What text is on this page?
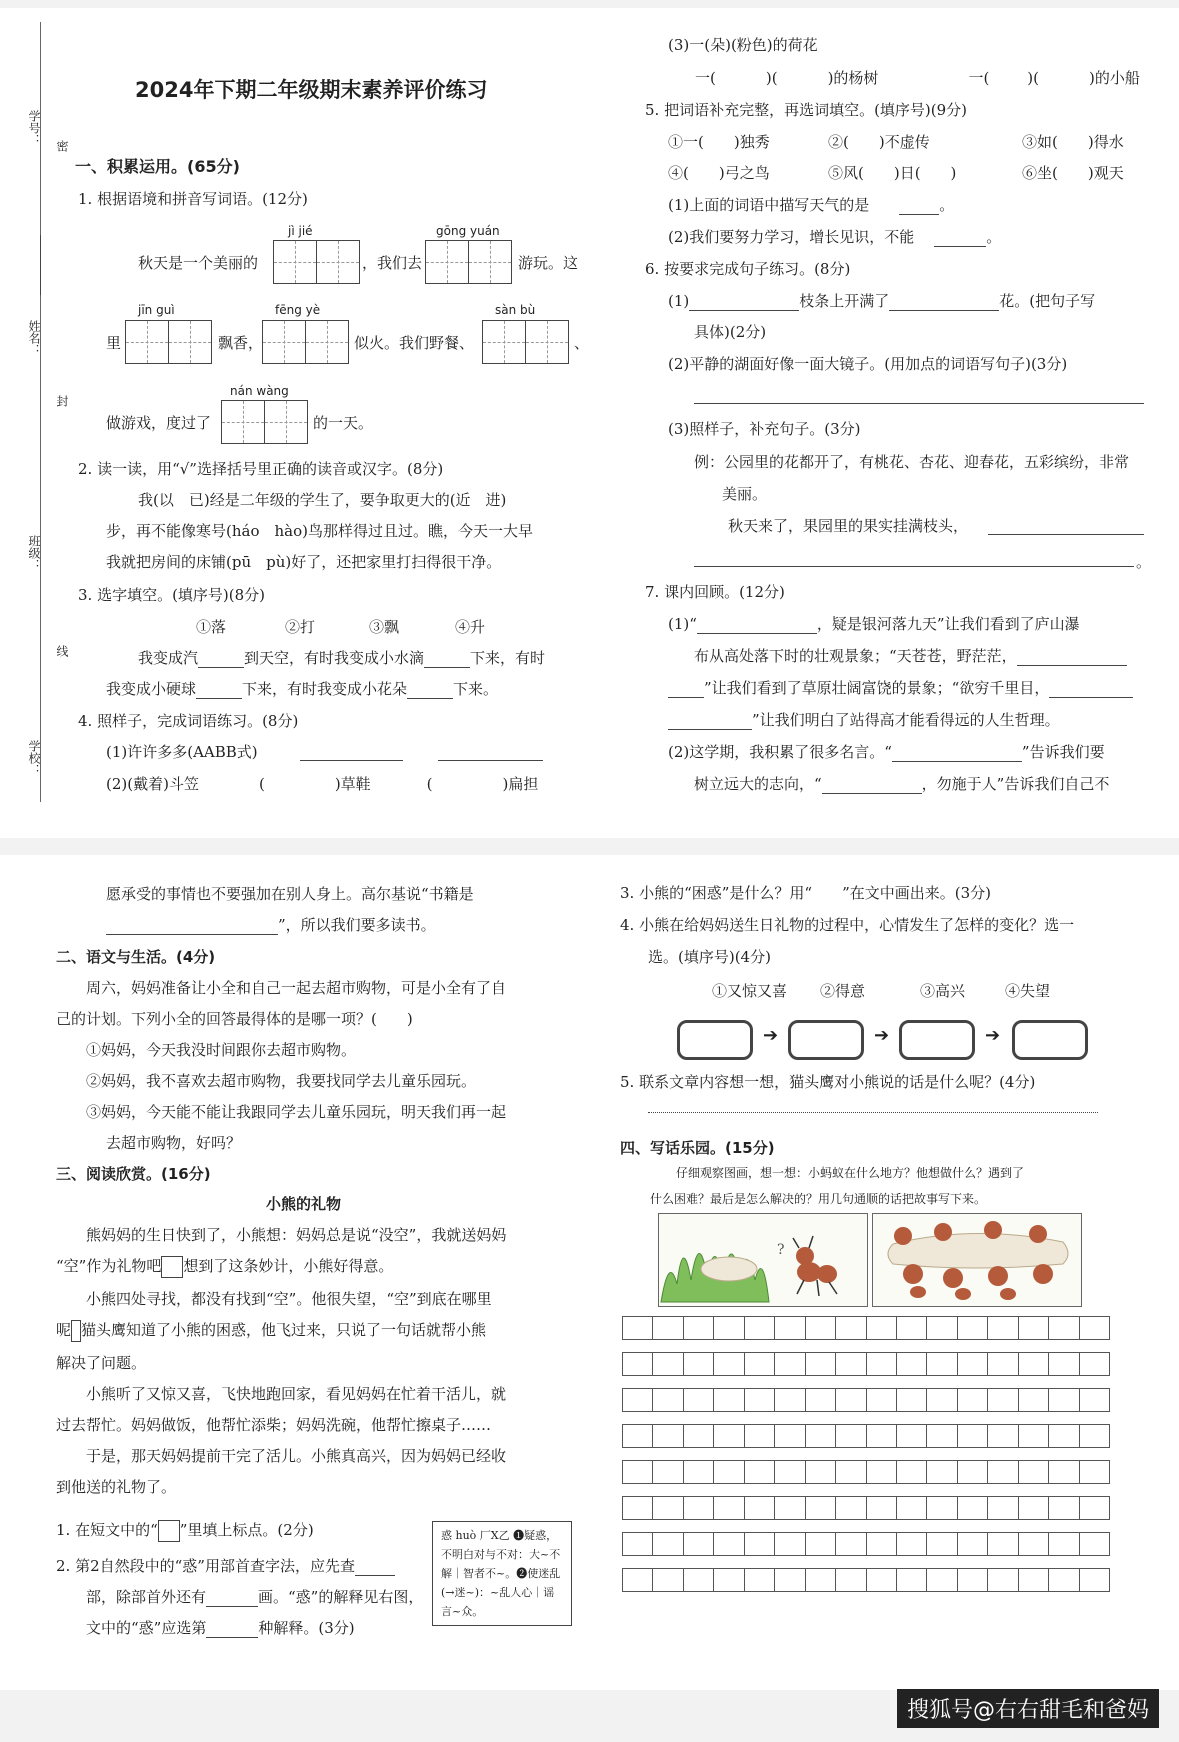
学号：
姓名：
封
密
班级：
线
学校：
2024年下期二年级期末素养评价练习
一、积累运用。(65分)
1. 根据语境和拼音写词语。(12分)
jì jié	gōng yuán
秋天是一个美丽的	，我们去	游玩。这
jīn guì	fēng yè	sàn bù
里	飘香，	似火。我们野餐、	、
nán wàng
做游戏，度过了	的一天。
2. 读一读，用“√”选择括号里正确的读音或汉字。(8分)
我(以　已)经是二年级的学生了，要争取更大的(近　进)
步，再不能像寒号(háo　hào)鸟那样得过且过。瞧，今天一大早
我就把房间的床铺(pū　pù)好了，还把家里打扫得很干净。
3. 选字填空。(填序号)(8分)
①落	②打	③飘	④升
我变成汽	到天空，有时我变成小水滴	下来，有时
我变成小硬球	下来，有时我变成小花朵	下来。
4. 照样子，完成词语练习。(8分)
(1)许许多多(AABB式)
(2)(戴着)斗笠	(	)草鞋	(	)扁担
(3)一(朵)(粉色)的荷花
一(	)(	)的杨树	一(	)(	)的小船
5. 把词语补充完整，再选词填空。(填序号)(9分)
①一(　　)独秀	②(　　)不虚传	③如(　　)得水
④(　　)弓之鸟	⑤风(　　)日(　　)	⑥坐(　　)观天
(1)上面的词语中描写天气的是	。
(2)我们要努力学习，增长见识，不能	。
6. 按要求完成句子练习。(8分)
(1)	枝条上开满了	花。(把句子写
具体)(2分)
(2)平静的湖面好像一面大镜子。(用加点的词语写句子)(3分)
(3)照样子，补充句子。(3分)
例：公园里的花都开了，有桃花、杏花、迎春花，五彩缤纷，非常
美丽。
秋天来了，果园里的果实挂满枝头，
。
7. 课内回顾。(12分)
(1)“	，疑是银河落九天”让我们看到了庐山瀑
布从高处落下时的壮观景象；“天苍苍，野茫茫，
”让我们看到了草原壮阔富饶的景象；“欲穷千里目，
”让我们明白了站得高才能看得远的人生哲理。
(2)这学期，我积累了很多名言。“	”告诉我们要
树立远大的志向，“	，勿施于人”告诉我们自己不
愿承受的事情也不要强加在别人身上。高尔基说“书籍是
”，所以我们要多读书。
二、语文与生活。(4分)
周六，妈妈准备让小全和自己一起去超市购物，可是小全有了自
己的计划。下列小全的回答最得体的是哪一项？(　　)
①妈妈，今天我没时间跟你去超市购物。
②妈妈，我不喜欢去超市购物，我要找同学去儿童乐园玩。
③妈妈，今天能不能让我跟同学去儿童乐园玩，明天我们再一起
去超市购物，好吗？
三、阅读欣赏。(16分)
小熊的礼物
熊妈妈的生日快到了，小熊想：妈妈总是说“没空”，我就送妈妈
“空”作为礼物吧 想到了这条妙计，小熊好得意。
小熊四处寻找，都没有找到“空”。他很失望，“空”到底在哪里
呢 猫头鹰知道了小熊的困惑，他飞过来，只说了一句话就帮小熊
解决了问题。
小熊听了又惊又喜，飞快地跑回家，看见妈妈在忙着干活儿，就
过去帮忙。妈妈做饭，他帮忙添柴；妈妈洗碗，他帮忙擦桌子……
于是，那天妈妈提前干完了活儿。小熊真高兴，因为妈妈已经收
到他送的礼物了。
1. 在短文中的“ ”里填上标点。(2分)
2. 第2自然段中的“惑”用部首查字法，应先查
部，除部首外还有	画。“惑”的解释见右图，
文中的“惑”应选第	种解释。(3分)
惑 huò 厂X乙 ❶疑惑，不明白对与不对：大~不解｜智者不~。❷使迷乱(→迷~)：~乱人心｜谣言~众。
3. 小熊的“困惑”是什么？用“　　”在文中画出来。(3分)
4. 小熊在给妈妈送生日礼物的过程中，心情发生了怎样的变化？选一
选。(填序号)(4分)
①又惊又喜 ②得意	③高兴	④失望
➔	➔	➔
5. 联系文章内容想一想，猫头鹰对小熊说的话是什么呢？(4分)
四、写话乐园。(15分)
仔细观察图画，想一想：小蚂蚁在什么地方？他想做什么？遇到了
什么困难？最后是怎么解决的？用几句通顺的话把故事写下来。
?

搜狐号@右右甜毛和爸妈
